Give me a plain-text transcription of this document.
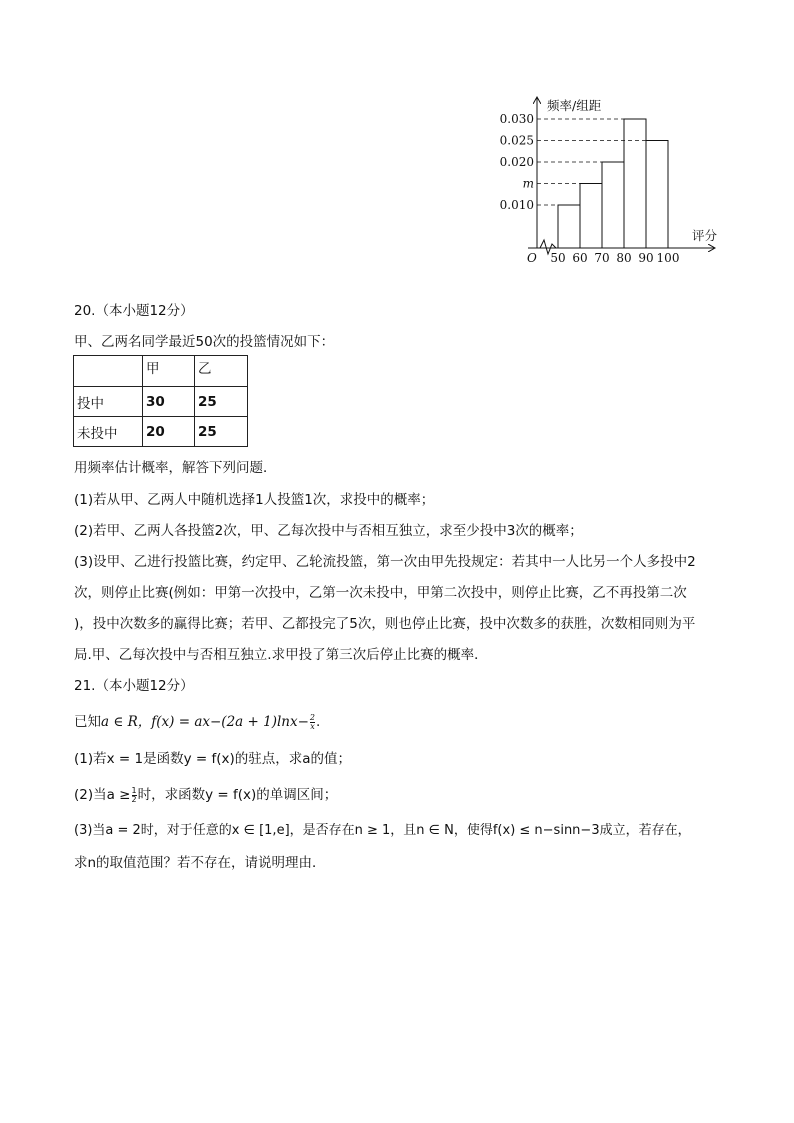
0.030
0.025
0.020
m
0.010
50 60 70 80 90 100
频率/组距
评分
O
20.（本小题12分）
甲、乙两名同学最近50次的投篮情况如下：
	甲	乙
投中	30	25
未投中	20	25
用频率估计概率，解答下列问题．
(1)若从甲、乙两人中随机选择1人投篮1次，求投中的概率；
(2)若甲、乙两人各投篮2次，甲、乙每次投中与否相互独立，求至少投中3次的概率；
(3)设甲、乙进行投篮比赛，约定甲、乙轮流投篮，第一次由甲先投规定：若其中一人比另一个人多投中2
次，则停止比赛(例如：甲第一次投中，乙第一次未投中，甲第二次投中，则停止比赛，乙不再投第二次
)，投中次数多的赢得比赛；若甲、乙都投完了5次，则也停止比赛，投中次数多的获胜，次数相同则为平
局.甲、乙每次投中与否相互独立.求甲投了第三次后停止比赛的概率．
21.（本小题12分）
已知a ∈ R，$f(x) = ax-(2a + 1)\ln x- \frac{2}{x}$ .
(1)若x = 1是函数y = f(x)的驻点，求a的值；
(2)当$a \ge \frac{1}{2}$ 时，求函数y = f(x)的单调区间；
(3)当a = 2时，对于任意的x ∈ [1,e]，是否存在n ≥ 1，且n ∈ N，使得f(x) ≤ n−sinn−3成立，若存在，
求n的取值范围？若不存在，请说明理由．
